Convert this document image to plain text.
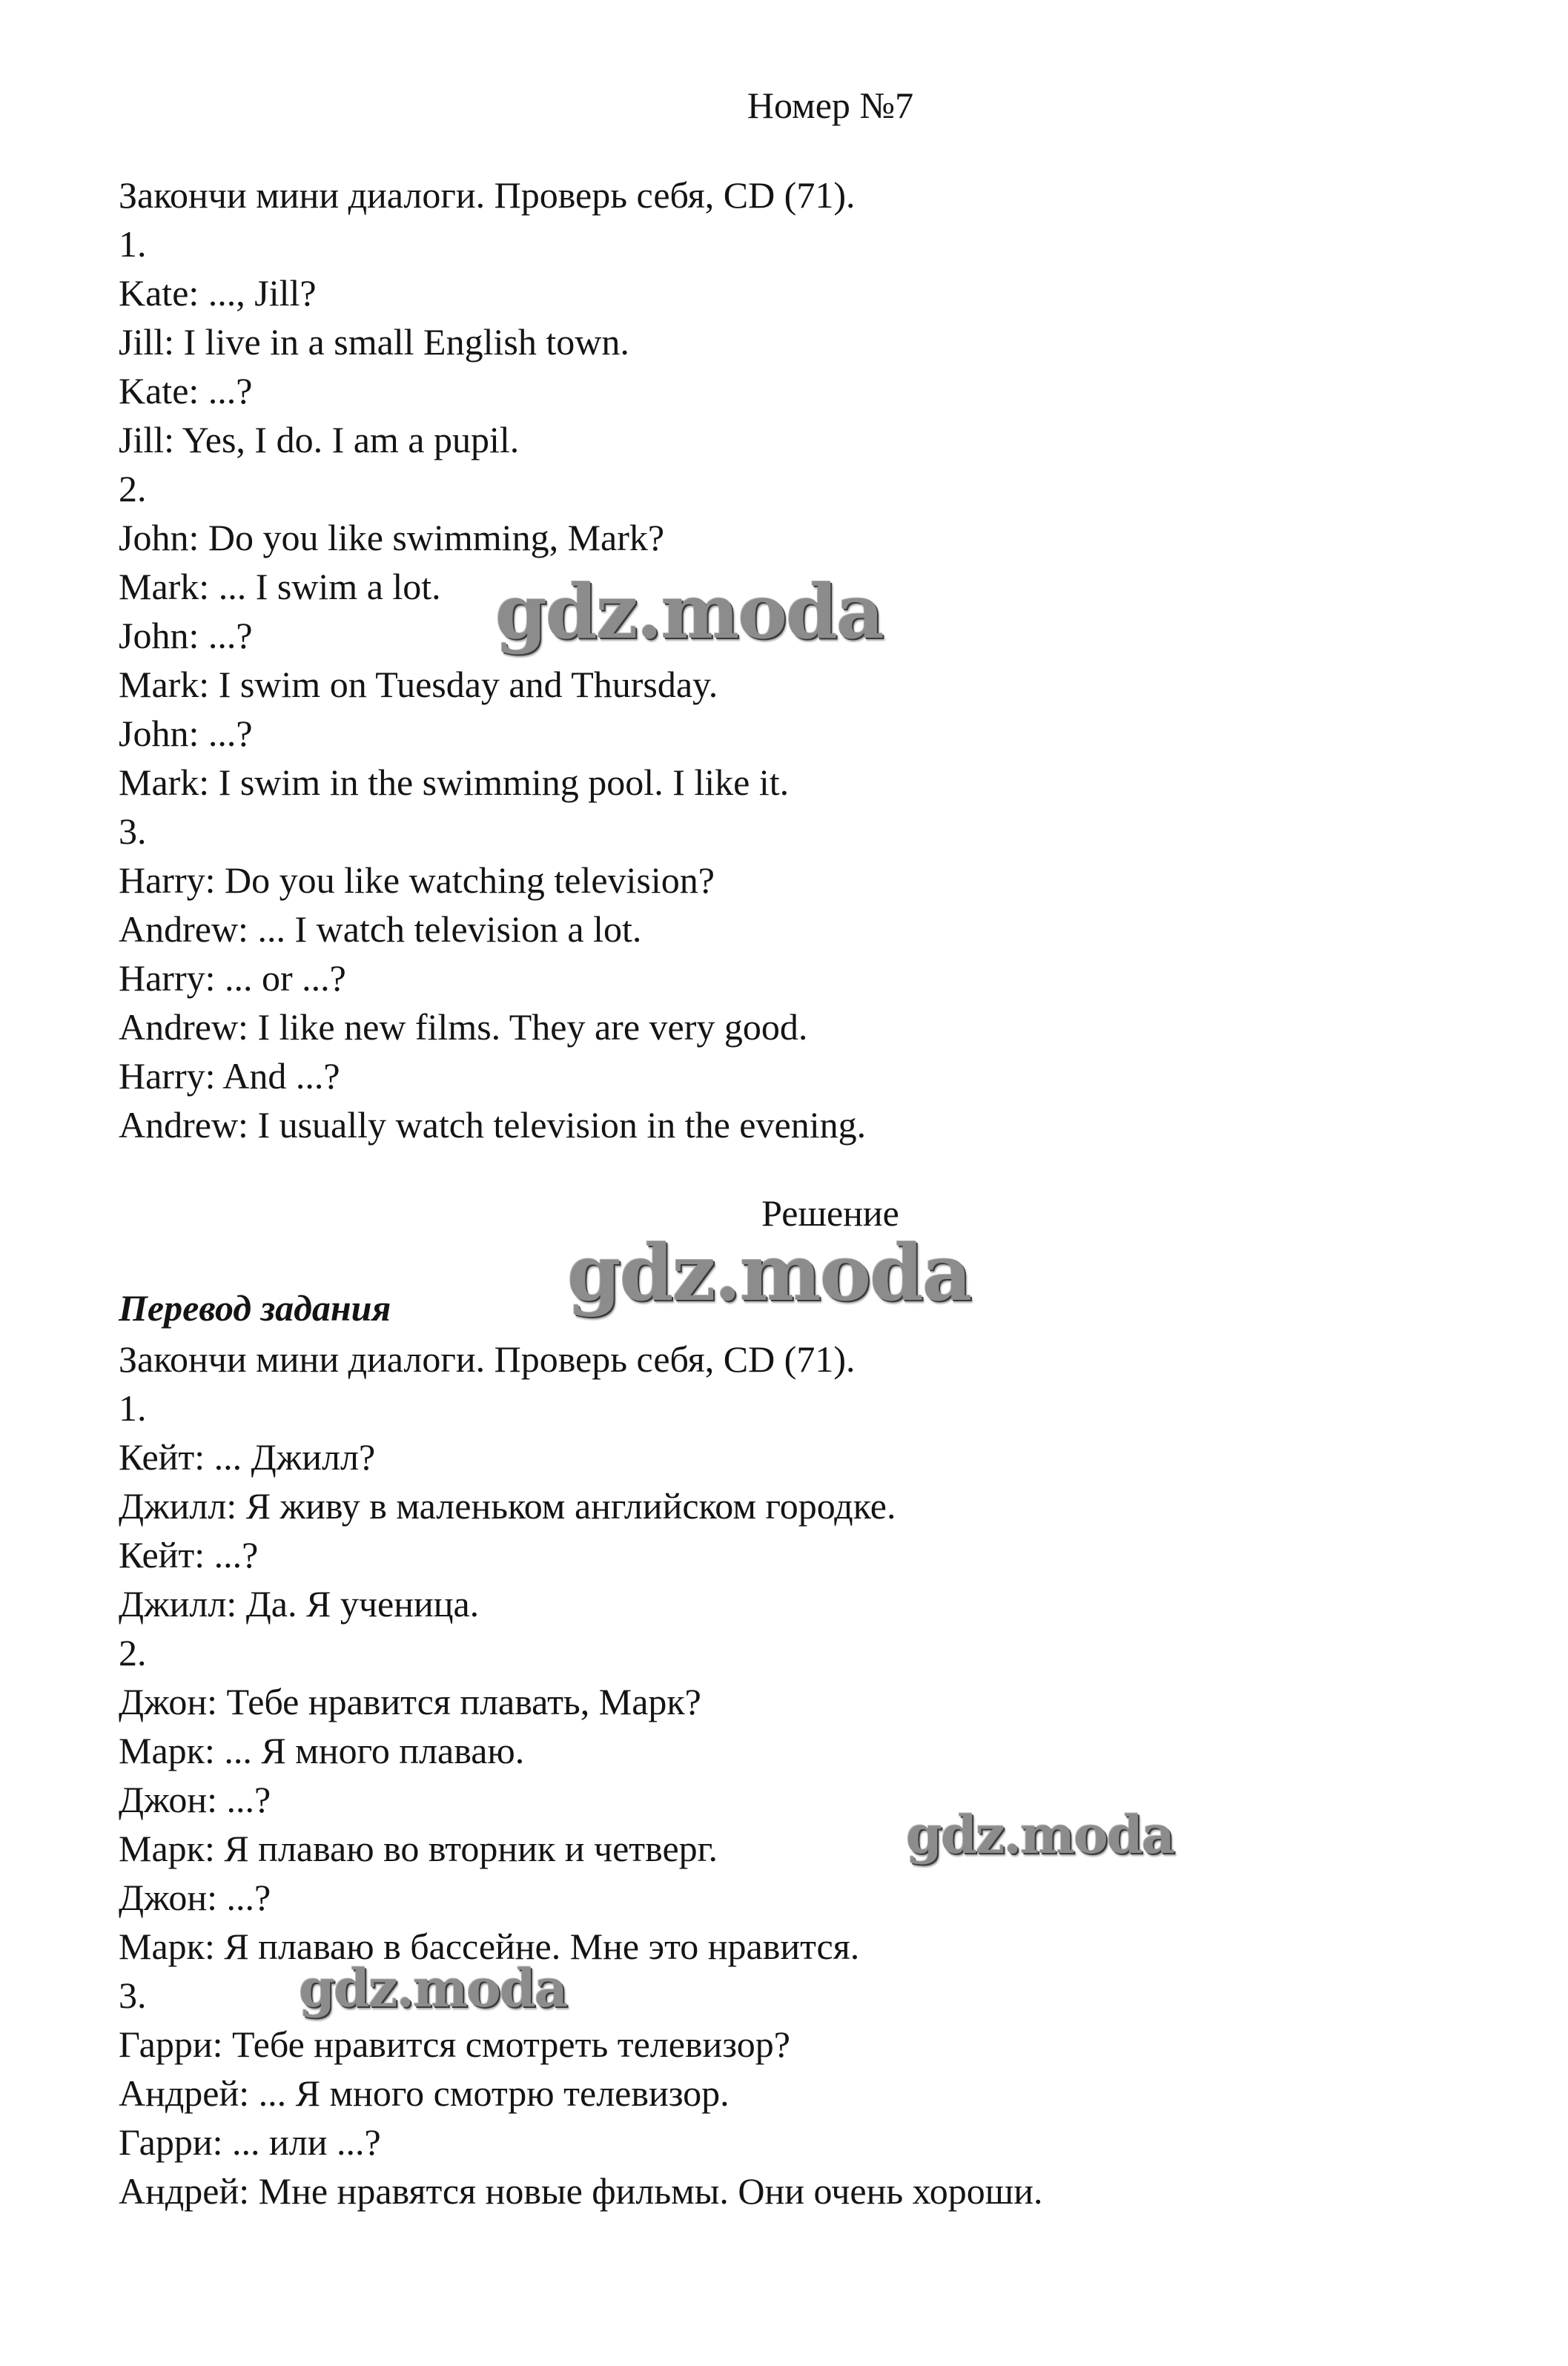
Номер №7
Закончи мини диалоги. Проверь себя, CD (71).
1.
Kate: ..., Jill?
Jill: I live in a small English town.
Kate: ...?
Jill: Yes, I do. I am a pupil.
2.
John: Do you like swimming, Mark?
Mark: ... I swim a lot.
John: ...?
Mark: I swim on Tuesday and Thursday.
John: ...?
Mark: I swim in the swimming pool. I like it.
3.
Harry: Do you like watching television?
Andrew: ... I watch television a lot.
Harry: ... or ...?
Andrew: I like new films. They are very good.
Harry: And ...?
Andrew: I usually watch television in the evening.
Решение
Перевод задания
Закончи мини диалоги. Проверь себя, CD (71).
1.
Кейт: ... Джилл?
Джилл: Я живу в маленьком английском городке.
Кейт: ...?
Джилл: Да. Я ученица.
2.
Джон: Тебе нравится плавать, Марк?
Марк: ... Я много плаваю.
Джон: ...?
Марк: Я плаваю во вторник и четверг.
Джон: ...?
Марк: Я плаваю в бассейне. Мне это нравится.
3.
Гарри: Тебе нравится смотреть телевизор?
Андрей: ... Я много смотрю телевизор.
Гарри: ... или ...?
Андрей: Мне нравятся новые фильмы. Они очень хороши.
gdz.moda
gdz.moda
gdz.moda
gdz.moda
